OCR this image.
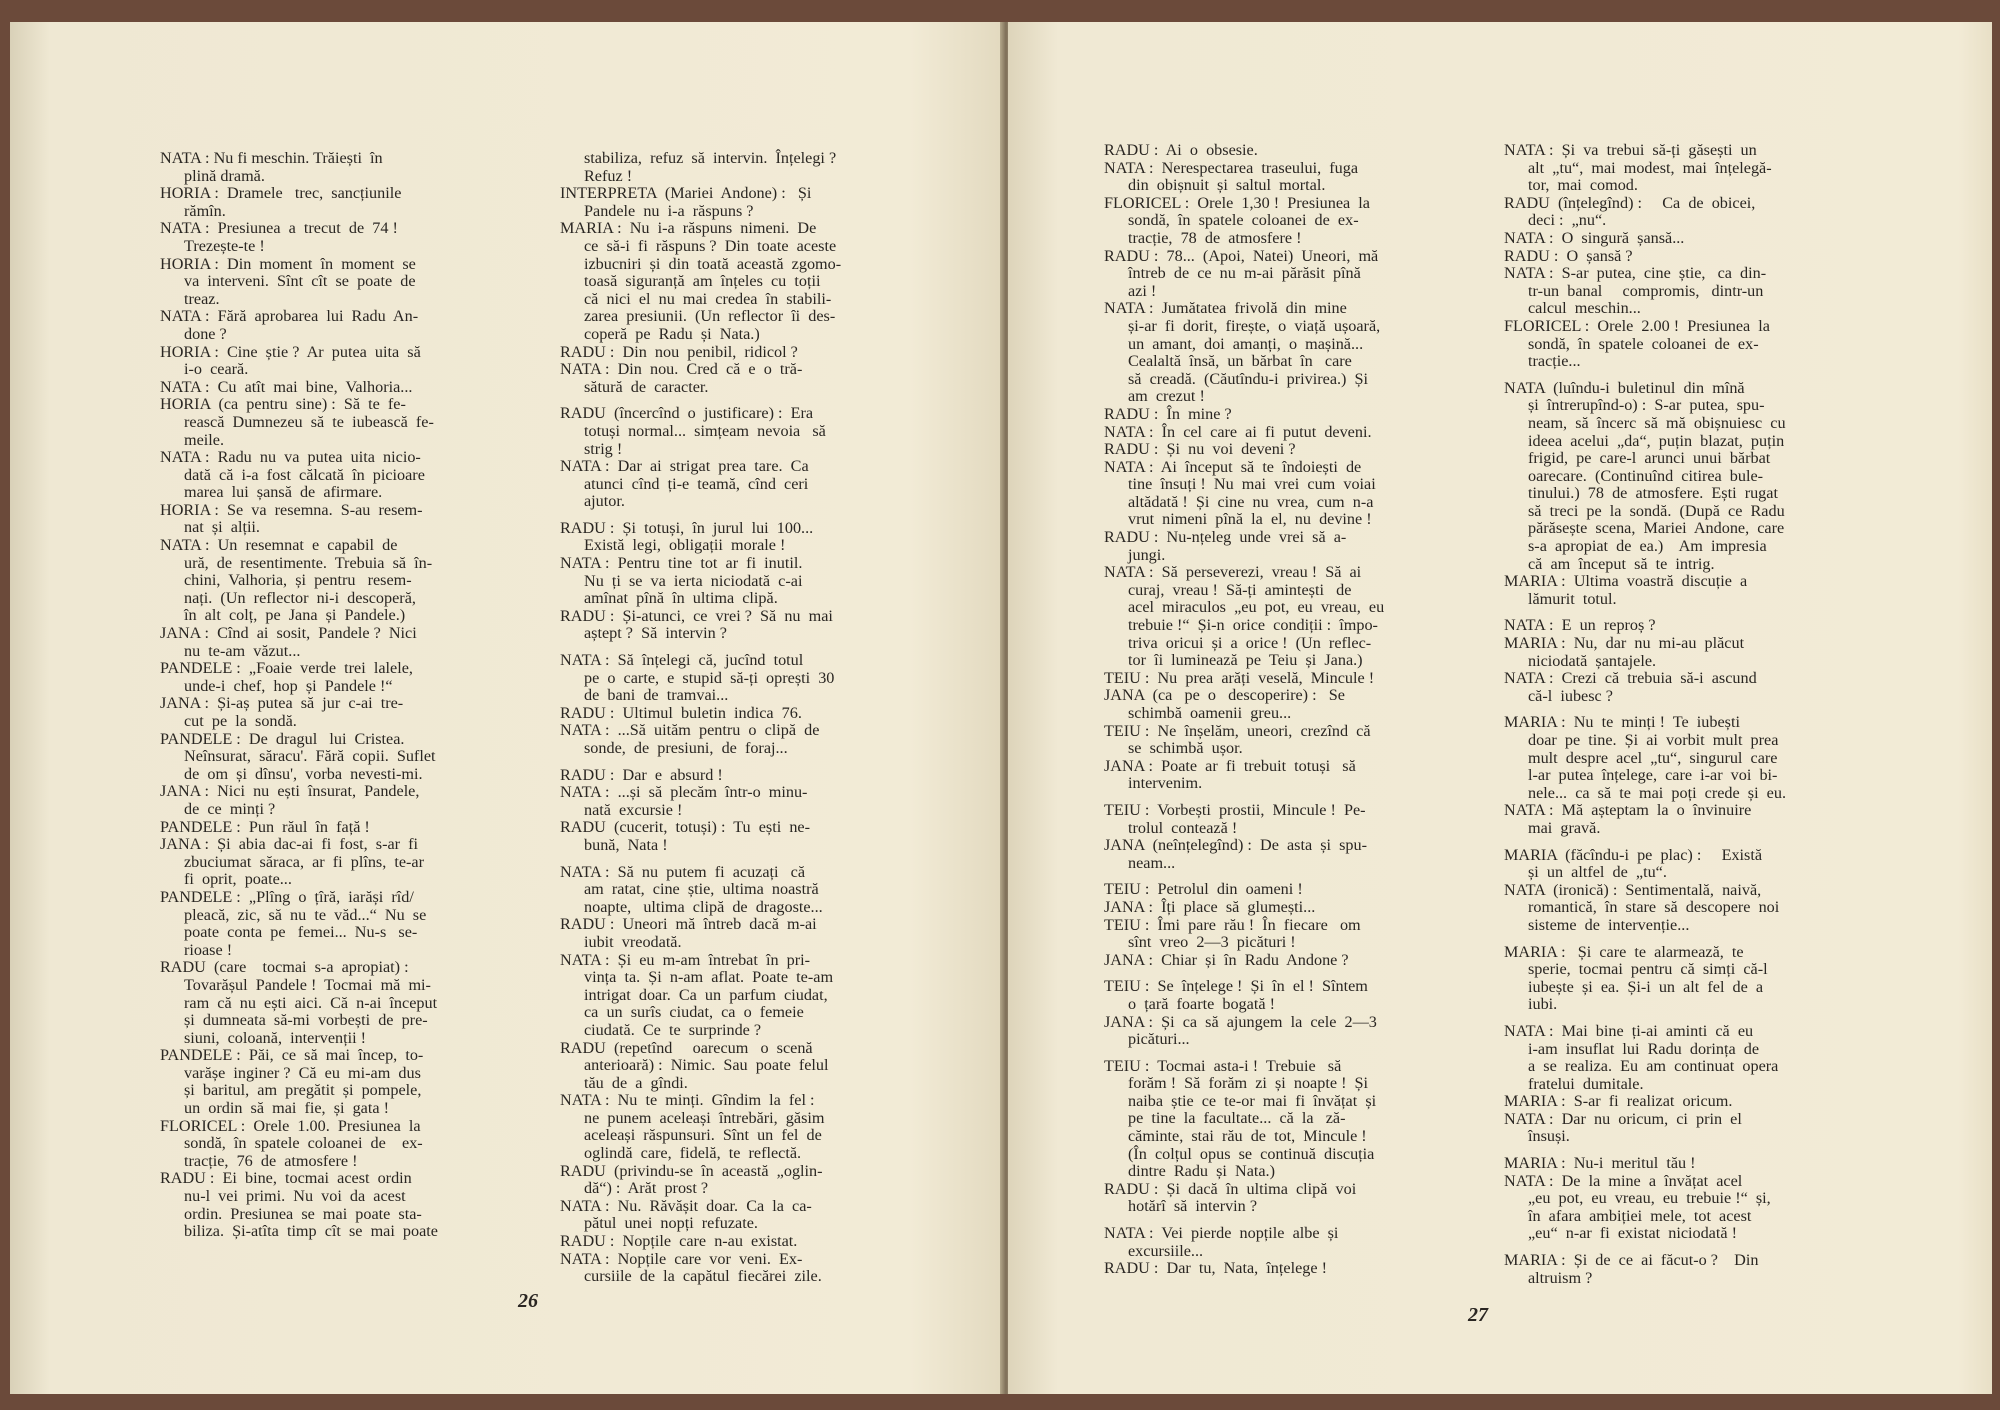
NATA : Nu fi meschin. Trăiești  în
plină dramă.
HORIA :  Dramele   trec,  sancțiunile
rămîn.
NATA :  Presiunea  a  trecut  de  74 !
Trezește-te !
HORIA :  Din  moment  în  moment  se
va  interveni.  Sînt  cît  se  poate  de
treaz.
NATA :  Fără  aprobarea  lui  Radu  An-
done ?
HORIA :  Cine  știe ?  Ar  putea  uita  să
i-o  ceară.
NATA :  Cu  atît  mai  bine,  Valhoria...
HORIA  (ca  pentru  sine) :  Să  te  fe-
rească  Dumnezeu  să  te  iubească  fe-
meile.
NATA :  Radu  nu  va  putea  uita  nicio-
dată  că  i-a  fost  călcată  în  picioare
marea  lui  șansă  de  afirmare.
HORIA :  Se  va  resemna.  S-au  resem-
nat  și  alții.
NATA :  Un  resemnat  e  capabil  de
ură,  de  resentimente.  Trebuia  să  în-
chini,  Valhoria,  și  pentru   resem-
nați.  (Un  reflector  ni-i  descoperă,
în  alt  colț,  pe  Jana  și  Pandele.)
JANA :  Cînd  ai  sosit,  Pandele ?  Nici
nu  te-am  văzut...
PANDELE :  „Foaie  verde  trei  lalele,
unde-i  chef,  hop  și  Pandele !“
JANA :  Și-aș  putea  să  jur  c-ai  tre-
cut  pe  la  sondă.
PANDELE :  De  dragul   lui  Cristea.
Neînsurat,  săracu'.  Fără  copii.  Suflet
de  om  și  dînsu',  vorba  nevesti-mi.
JANA :  Nici  nu  ești  însurat,  Pandele,
de  ce  minți ?
PANDELE :  Pun  răul  în  față !
JANA :  Și  abia  dac-ai  fi  fost,  s-ar  fi
zbuciumat  săraca,  ar  fi  plîns,  te-ar
fi  oprit,  poate...
PANDELE :  „Plîng  o  țîră,  iarăși  rîd/
pleacă,  zic,  să  nu  te  văd...“  Nu  se
poate  conta  pe   femei...  Nu-s   se-
rioase !
RADU  (care    tocmai  s-a  apropiat) :
Tovarășul  Pandele !  Tocmai  mă  mi-
ram  că  nu  ești  aici.  Că  n-ai  început
și  dumneata  să-mi  vorbești  de  pre-
siuni,  coloană,  intervenții !
PANDELE :  Păi,  ce  să  mai  încep,  to-
varășe  inginer ?  Că  eu  mi-am  dus
și  baritul,  am  pregătit  și  pompele,
un  ordin  să  mai  fie,  și  gata !
FLORICEL :  Orele  1.00.  Presiunea  la
sondă,  în  spatele  coloanei  de    ex-
tracție,  76  de  atmosfere !
RADU :  Ei  bine,  tocmai  acest  ordin
nu-l  vei  primi.  Nu  voi  da  acest
ordin.  Presiunea  se  mai  poate  sta-
biliza.  Și-atîta  timp  cît  se  mai  poate
stabiliza,  refuz  să  intervin.  Înțelegi ?
Refuz !
INTERPRETA  (Mariei  Andone) :   Și
Pandele  nu  i-a  răspuns ?
MARIA :  Nu  i-a  răspuns  nimeni.  De
ce  să-i  fi  răspuns ?  Din  toate  aceste
izbucniri  și  din  toată  această  zgomo-
toasă  siguranță  am  înțeles  cu  toții
că  nici  el  nu  mai  credea  în  stabili-
zarea  presiunii.  (Un  reflector  îi  des-
coperă  pe  Radu  și  Nata.)
RADU :  Din  nou  penibil,  ridicol ?
NATA :  Din  nou.  Cred  că  e  o  tră-
sătură  de  caracter.
RADU  (încercînd  o  justificare) :  Era
totuși  normal...  simțeam  nevoia   să
strig !
NATA :  Dar  ai  strigat  prea  tare.  Ca
atunci  cînd  ți-e  teamă,  cînd  ceri
ajutor.
RADU :  Și  totuși,  în  jurul  lui  100...
Există  legi,  obligații  morale !
NATA :  Pentru  tine  tot  ar  fi  inutil.
Nu  ți  se  va  ierta  niciodată  c-ai
amînat  pînă  în  ultima  clipă.
RADU :  Și-atunci,  ce  vrei ?  Să  nu  mai
aștept ?  Să  intervin ?
NATA :  Să  înțelegi  că,  jucînd  totul
pe  o  carte,  e  stupid  să-ți  oprești  30
de  bani  de  tramvai...
RADU :  Ultimul  buletin  indica  76.
NATA :  ...Să  uităm  pentru  o  clipă  de
sonde,  de  presiuni,  de  foraj...
RADU :  Dar  e  absurd !
NATA :  ...și  să  plecăm  într-o  minu-
nată  excursie !
RADU  (cucerit,  totuși) :  Tu  ești  ne-
bună,  Nata !
NATA :  Să  nu  putem  fi  acuzați   că
am  ratat,  cine  știe,  ultima  noastră
noapte,   ultima  clipă  de  dragoste...
RADU :  Uneori  mă  întreb  dacă  m-ai
iubit  vreodată.
NATA :  Și  eu  m-am  întrebat  în  pri-
vința  ta.  Și  n-am  aflat.  Poate  te-am
intrigat  doar.  Ca  un  parfum  ciudat,
ca  un  surîs  ciudat,  ca  o  femeie
ciudată.  Ce  te  surprinde ?
RADU  (repetînd     oarecum   o  scenă
anterioară) :  Nimic.  Sau  poate  felul
tău  de  a  gîndi.
NATA :  Nu  te  minți.  Gîndim  la  fel :
ne  punem  aceleași  întrebări,  găsim
aceleași  răspunsuri.  Sînt  un  fel  de
oglindă  care,  fidelă,  te  reflectă.
RADU  (privindu-se  în  această  „oglin-
dă“) :  Arăt  prost ?
NATA :  Nu.  Răvășit  doar.  Ca  la  ca-
pătul  unei  nopți  refuzate.
RADU :  Nopțile  care  n-au  existat.
NATA :  Nopțile  care  vor  veni.  Ex-
cursiile  de  la  capătul  fiecărei  zile.
26
RADU :  Ai  o  obsesie.
NATA :  Nerespectarea  traseului,  fuga
din  obișnuit  și  saltul  mortal.
FLORICEL :  Orele  1,30 !  Presiunea  la
sondă,  în  spatele  coloanei  de  ex-
tracție,  78  de  atmosfere !
RADU :  78...  (Apoi,  Natei)  Uneori,  mă
întreb  de  ce  nu  m-ai  părăsit  pînă
azi !
NATA :  Jumătatea  frivolă  din  mine
și-ar  fi  dorit,  firește,  o  viață  ușoară,
un  amant,  doi  amanți,  o  mașină...
Cealaltă  însă,  un  bărbat  în   care
să  creadă.  (Căutîndu-i  privirea.)  Și
am  crezut !
RADU :  În  mine ?
NATA :  În  cel  care  ai  fi  putut  deveni.
RADU :  Și  nu  voi  deveni ?
NATA :  Ai  început  să  te  îndoiești  de
tine  însuți !  Nu  mai  vrei  cum  voiai
altădată !  Și  cine  nu  vrea,  cum  n-a
vrut  nimeni  pînă  la  el,  nu  devine !
RADU :  Nu-nțeleg  unde  vrei  să  a-
jungi.
NATA :  Să  perseverezi,  vreau !  Să  ai
curaj,  vreau !  Să-ți  amintești   de
acel  miraculos  „eu  pot,  eu  vreau,  eu
trebuie !“  Și-n  orice  condiții :  împo-
triva  oricui  și  a  orice !  (Un  reflec-
tor  îi  luminează  pe  Teiu  și  Jana.)
TEIU :  Nu  prea  arăți  veselă,  Mincule !
JANA  (ca   pe  o   descoperire) :   Se
schimbă  oamenii  greu...
TEIU :  Ne  înșelăm,  uneori,  crezînd  că
se  schimbă  ușor.
JANA :  Poate  ar  fi  trebuit  totuși   să
intervenim.
TEIU :  Vorbești  prostii,  Mincule !  Pe-
trolul  contează !
JANA  (neînțelegînd) :  De  asta  și  spu-
neam...
TEIU :  Petrolul  din  oameni !
JANA :  Îți  place  să  glumești...
TEIU :  Îmi  pare  rău !  În  fiecare   om
sînt  vreo  2—3  picături !
JANA :  Chiar  și  în  Radu  Andone ?
TEIU :  Se  înțelege !  Și  în  el !  Sîntem
o  țară  foarte  bogată !
JANA :  Și  ca  să  ajungem  la  cele  2—3
picături...
TEIU :  Tocmai  asta-i !  Trebuie   să
forăm !  Să  forăm  zi  și  noapte !  Și
naiba  știe  ce  te-or  mai  fi  învățat  și
pe  tine  la  facultate...  că  la   ză-
căminte,  stai  rău  de  tot,  Mincule !
(În  colțul  opus  se  continuă  discuția
dintre  Radu  și  Nata.)
RADU :  Și  dacă  în  ultima  clipă  voi
hotărî  să  intervin ?
NATA :  Vei  pierde  nopțile  albe  și
excursiile...
RADU :  Dar  tu,  Nata,  înțelege !
NATA :  Și  va  trebui  să-ți  găsești  un
alt  „tu“,  mai  modest,  mai  înțelegă-
tor,  mai  comod.
RADU  (înțelegînd) :     Ca  de  obicei,
deci :  „nu“.
NATA :  O  singură  șansă...
RADU :  O  șansă ?
NATA :  S-ar  putea,  cine  știe,   ca  din-
tr-un  banal     compromis,   dintr-un
calcul  meschin...
FLORICEL :  Orele  2.00 !  Presiunea  la
sondă,  în  spatele  coloanei  de  ex-
tracție...
NATA  (luîndu-i  buletinul  din  mînă
și  întrerupînd-o) :  S-ar  putea,  spu-
neam,  să  încerc  să  mă  obișnuiesc  cu
ideea  acelui  „da“,  puțin  blazat,  puțin
frigid,  pe  care-l  arunci  unui  bărbat
oarecare.  (Continuînd  citirea  bule-
tinului.)  78  de  atmosfere.  Ești  rugat
să  treci  pe  la  sondă.  (După  ce  Radu
părăsește  scena,  Mariei  Andone,  care
s-a  apropiat  de  ea.)    Am  impresia
că  am  început  să  te  intrig.
MARIA :  Ultima  voastră  discuție  a
lămurit  totul.
NATA :  E  un  reproș ?
MARIA :  Nu,  dar  nu  mi-au  plăcut
niciodată  șantajele.
NATA :  Crezi  că  trebuia  să-i  ascund
că-l  iubesc ?
MARIA :  Nu  te  minți !  Te  iubești
doar  pe  tine.  Și  ai  vorbit  mult  prea
mult  despre  acel  „tu“,  singurul  care
l-ar  putea  înțelege,  care  i-ar  voi  bi-
nele...  ca  să  te  mai  poți  crede  și  eu.
NATA :  Mă  așteptam  la  o  învinuire
mai  gravă.
MARIA  (făcîndu-i  pe  plac) :     Există
și  un  altfel  de  „tu“.
NATA  (ironică) :  Sentimentală,  naivă,
romantică,  în  stare  să  descopere  noi
sisteme  de  intervenție...
MARIA :   Și  care  te  alarmează,  te
sperie,  tocmai  pentru  că  simți  că-l
iubește  și  ea.  Și-i  un  alt  fel  de  a
iubi.
NATA :  Mai  bine  ți-ai  aminti  că  eu
i-am  insuflat  lui  Radu  dorința  de
a  se  realiza.  Eu  am  continuat  opera
fratelui  dumitale.
MARIA :  S-ar  fi  realizat  oricum.
NATA :  Dar  nu  oricum,  ci  prin  el
însuși.
MARIA :  Nu-i  meritul  tău !
NATA :  De  la  mine  a  învățat  acel
„eu  pot,  eu  vreau,  eu  trebuie !“  și,
în  afara  ambiției  mele,  tot  acest
„eu“  n-ar  fi  existat  niciodată !
MARIA :  Și  de  ce  ai  făcut-o ?    Din
altruism ?
27
